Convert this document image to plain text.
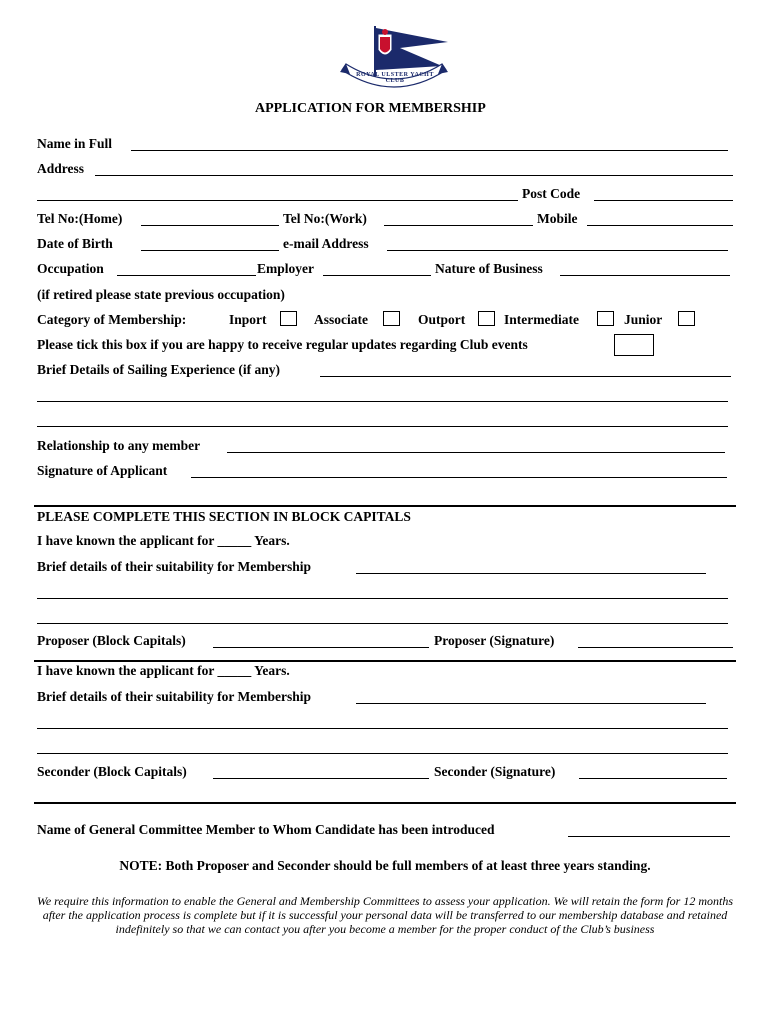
ROYAL ULSTER YACHT CLUB
APPLICATION FOR MEMBERSHIP
Name in Full
Address
Post Code
Tel No:(Home)	Tel No:(Work)	Mobile
Date of Birth	e-mail Address
Occupation	Employer	Nature of Business
(if retired please state previous occupation)
Category of Membership:	Inport	Associate	Outport	Intermediate	Junior
Please tick this box if you are happy to receive regular updates regarding Club events
Brief Details of Sailing Experience (if any)
Relationship to any member
Signature of Applicant
PLEASE COMPLETE THIS SECTION IN BLOCK CAPITALS
I have known the applicant for _____ Years.
Brief details of their suitability for Membership
Proposer (Block Capitals)	Proposer (Signature)
I have known the applicant for _____ Years.
Brief details of their suitability for Membership
Seconder (Block Capitals)	Seconder (Signature)
Name of General Committee Member to Whom Candidate has been introduced
NOTE: Both Proposer and Seconder should be full members of at least three years standing.
We require this information to enable the General and Membership Committees to assess your application. We will retain the form for 12 months after the application process is complete but if it is successful your personal data will be transferred to our membership database and retained indefinitely so that we can contact you after you become a member for the proper conduct of the Club’s business
